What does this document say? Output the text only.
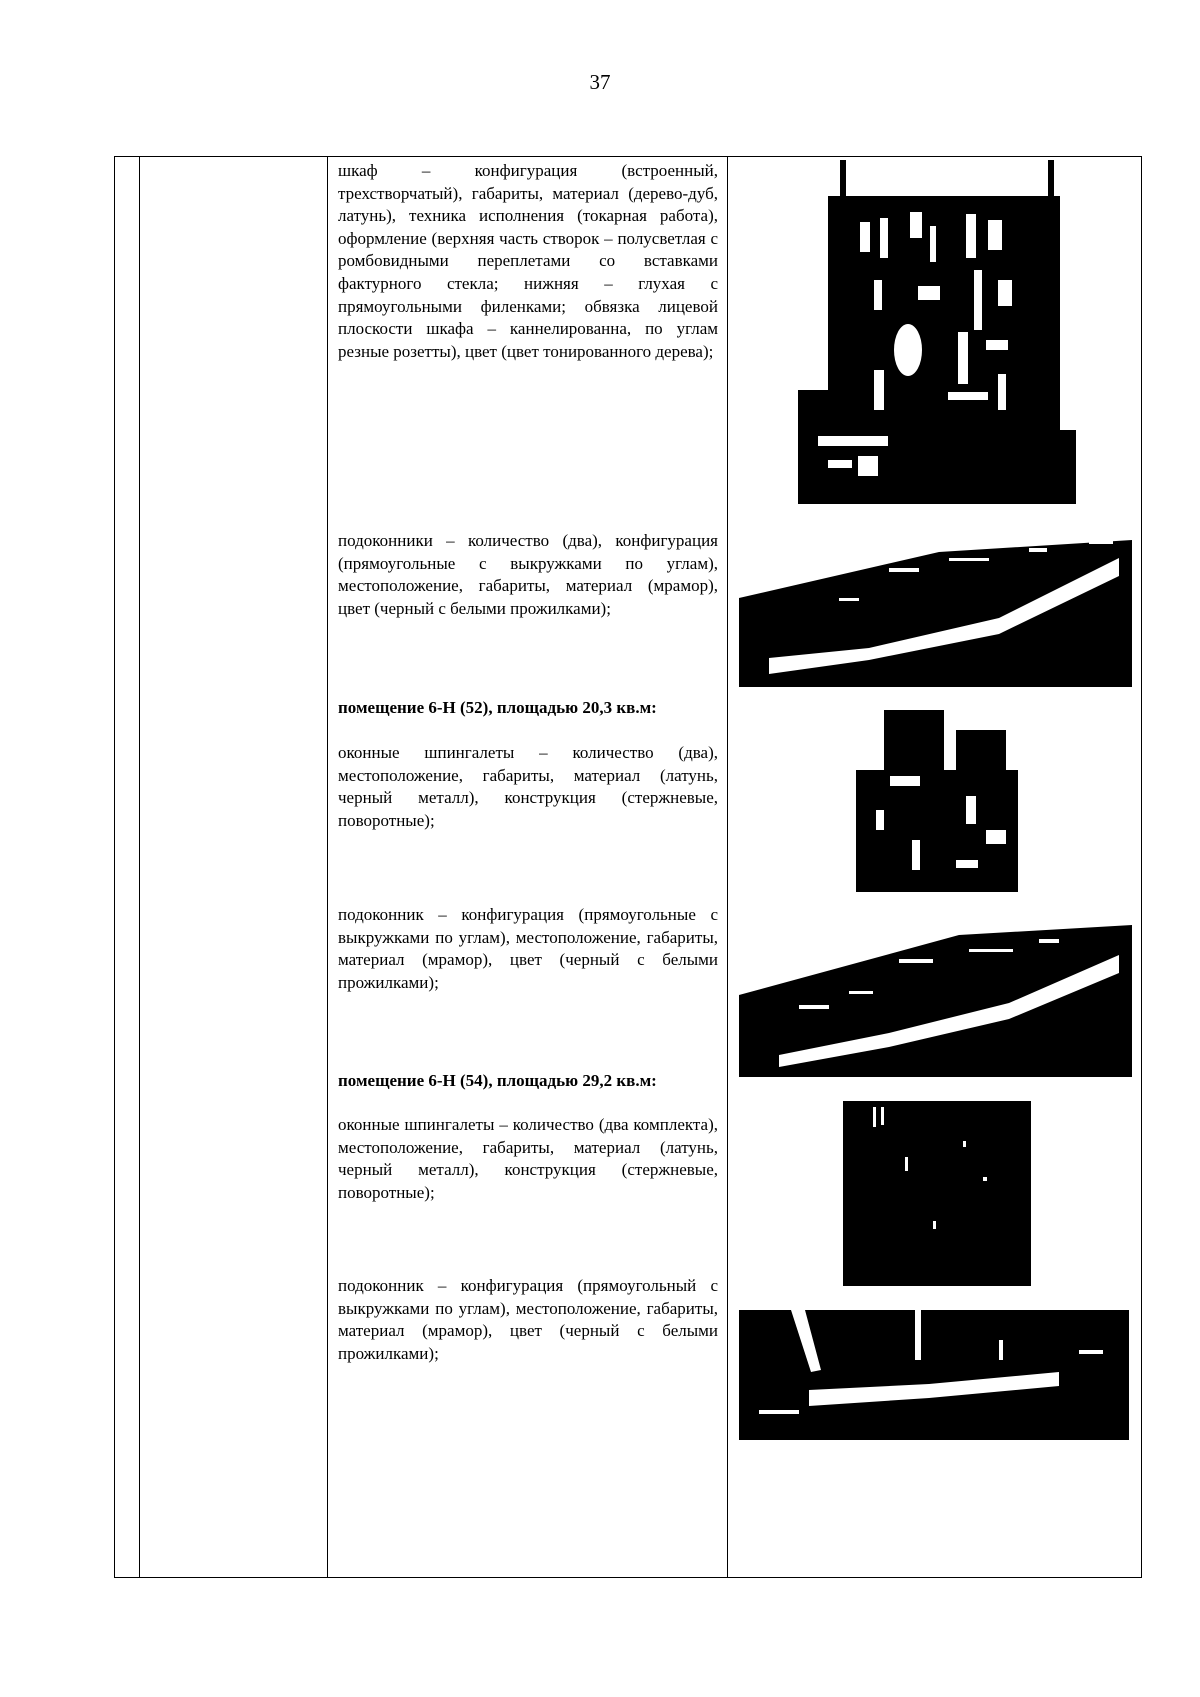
37
шкаф – конфигурация (встроенный, трехстворчатый), габариты, материал (дерево-дуб, латунь), техника исполнения (токарная работа), оформление (верхняя часть створок – полусветлая с ромбовидными переплетами со вставками фактурного стекла; нижняя – глухая с прямоугольными филенками; обвязка лицевой плоскости шкафа – каннелированна, по углам резные розетты), цвет (цвет тонированного дерева);
подоконники – количество (два), конфигурация (прямоугольные с выкружками по углам), местоположение, габариты, материал (мрамор), цвет (черный с белыми прожилками);
помещение 6-Н (52), площадью 20,3 кв.м:
оконные шпингалеты – количество (два), местоположение, габариты, материал (латунь, черный металл), конструкция (стержневые, поворотные);
подоконник – конфигурация (прямоугольные с выкружками по углам), местоположение, габариты, материал (мрамор), цвет (черный с белыми прожилками);
помещение 6-Н (54), площадью 29,2 кв.м:
оконные шпингалеты – количество (два комплекта), местоположение, габариты, материал (латунь, черный металл), конструкция (стержневые, поворотные);
подоконник – конфигурация (прямоугольный с выкружками по углам), местоположение, габариты, материал (мрамор), цвет (черный с белыми прожилками);
